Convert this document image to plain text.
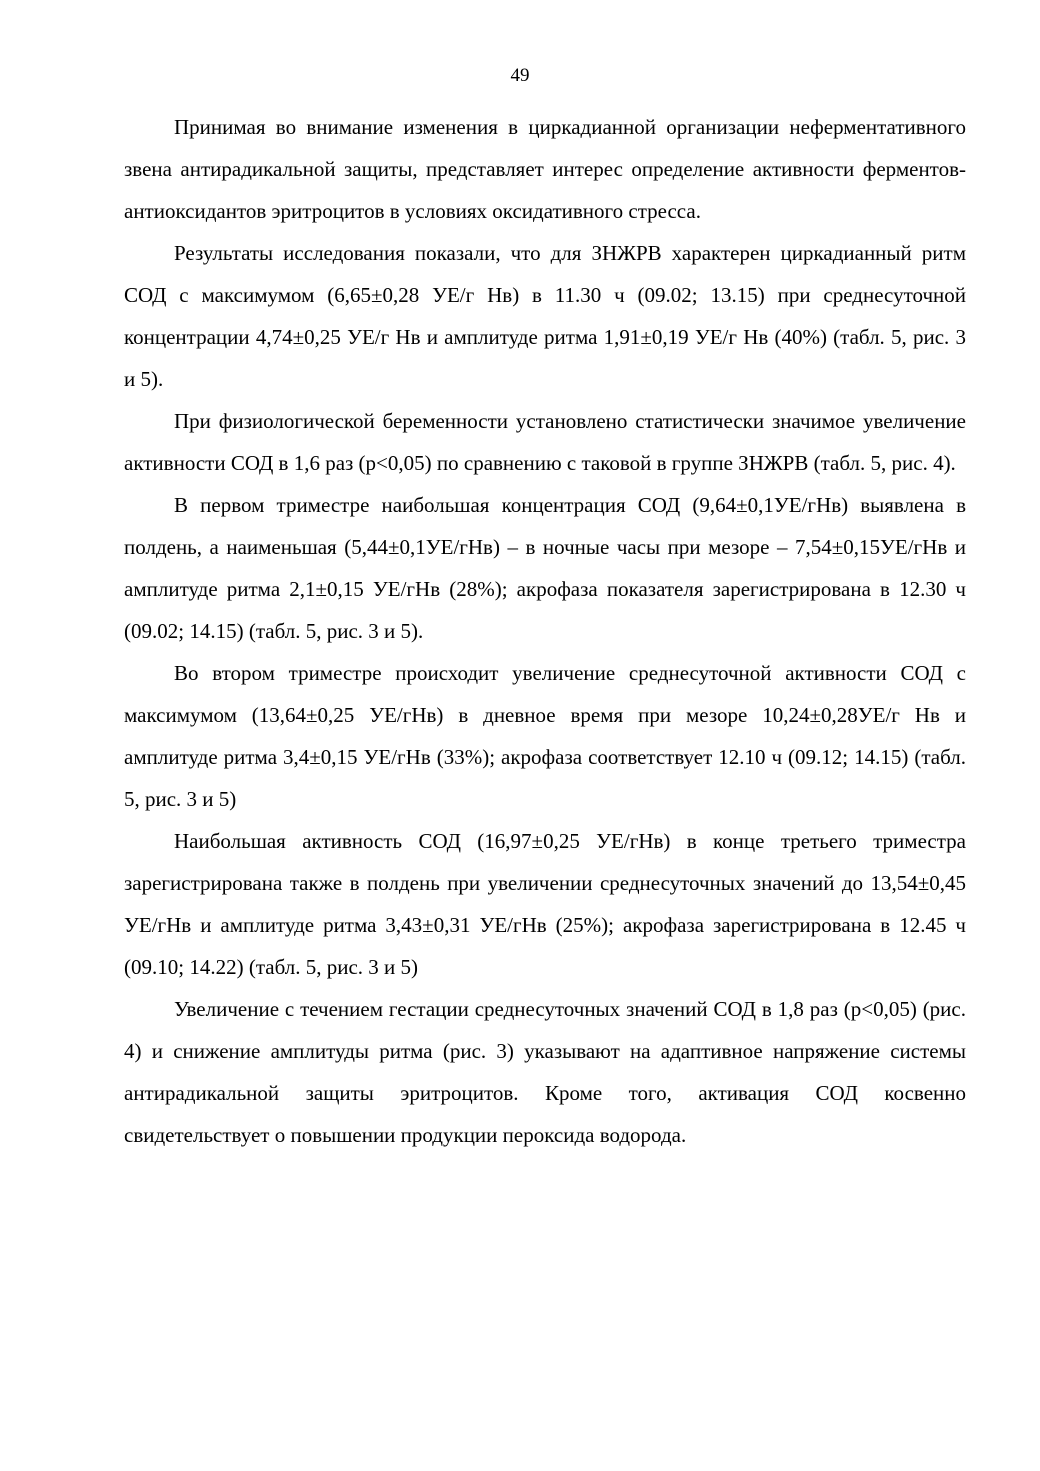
49

Принимая во внимание изменения в циркадианной организации неферментативного звена антирадикальной защиты, представляет интерес определение активности ферментов-антиоксидантов эритроцитов в условиях оксидативного стресса.

Результаты исследования показали, что для ЗНЖРВ характерен циркадианный ритм СОД с максимумом (6,65±0,28 УЕ/г Нв) в 11.30 ч (09.02; 13.15) при среднесуточной концентрации 4,74±0,25 УЕ/г Нв и амплитуде ритма 1,91±0,19 УЕ/г Нв (40%) (табл. 5, рис. 3 и 5).

При физиологической беременности установлено статистически значимое увеличение активности СОД в 1,6 раз (p<0,05) по сравнению с таковой в группе ЗНЖРВ (табл. 5, рис. 4).

В первом триместре наибольшая концентрация СОД (9,64±0,1УЕ/гНв) выявлена в полдень, а наименьшая (5,44±0,1УЕ/гНв) – в ночные часы при мезоре – 7,54±0,15УЕ/гНв и амплитуде ритма 2,1±0,15 УЕ/гНв (28%); акрофаза показателя зарегистрирована в 12.30 ч (09.02; 14.15) (табл. 5, рис. 3 и 5).

Во втором триместре происходит увеличение среднесуточной активности СОД с максимумом (13,64±0,25 УЕ/гНв) в дневное время при мезоре 10,24±0,28УЕ/г Нв и амплитуде ритма 3,4±0,15 УЕ/гНв (33%); акрофаза соответствует 12.10 ч (09.12; 14.15) (табл. 5, рис. 3 и 5)

Наибольшая активность СОД (16,97±0,25 УЕ/гНв) в конце третьего триместра зарегистрирована также в полдень при увеличении среднесуточных значений до 13,54±0,45 УЕ/гНв и амплитуде ритма 3,43±0,31 УЕ/гНв (25%); акрофаза зарегистрирована в 12.45 ч (09.10; 14.22) (табл. 5, рис. 3 и 5)

Увеличение с течением гестации среднесуточных значений СОД в 1,8 раз (p<0,05) (рис. 4) и снижение амплитуды ритма (рис. 3) указывают на адаптивное напряжение системы антирадикальной защиты эритроцитов. Кроме того, активация СОД косвенно свидетельствует о повышении продукции пероксида водорода.
